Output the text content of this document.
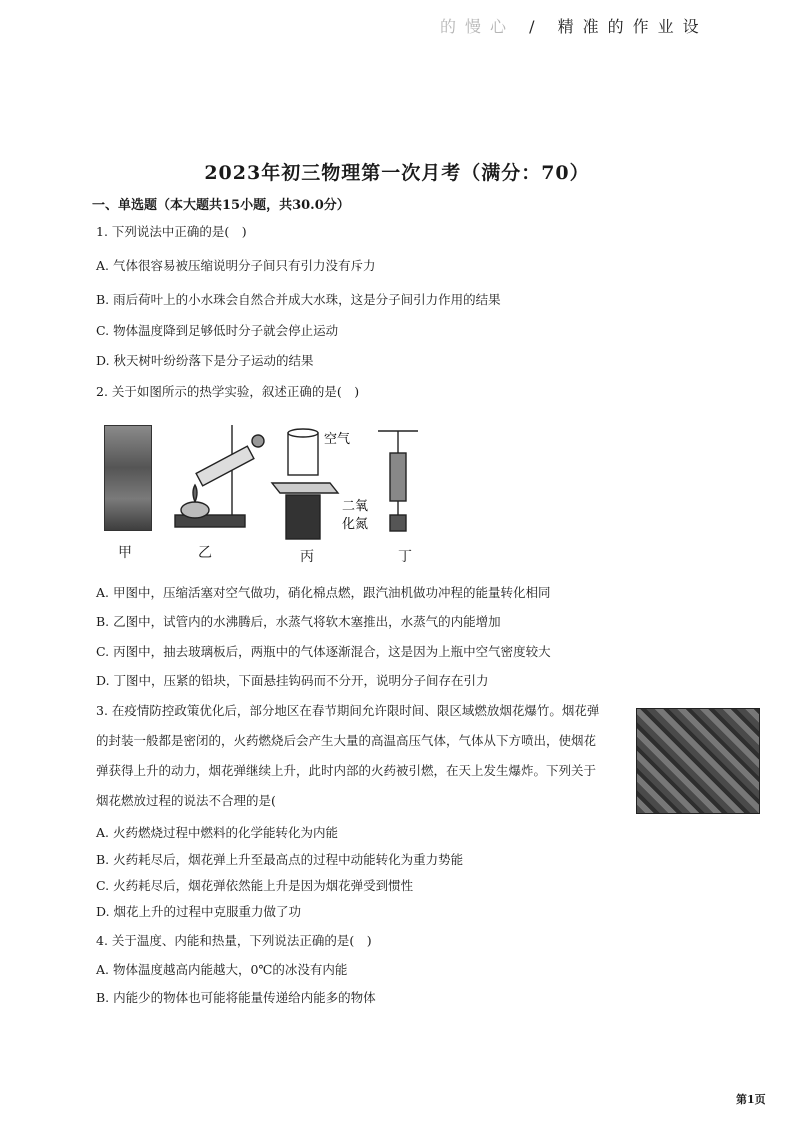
　　的慢心 / 精准的作业设
2023年初三物理第一次月考（满分：70）
一、单选题（本大题共15小题，共30.0分）
1. 下列说法中正确的是(　)
A. 气体很容易被压缩说明分子间只有引力没有斥力
B. 雨后荷叶上的小水珠会自然合并成大水珠，这是分子间引力作用的结果
C. 物体温度降到足够低时分子就会停止运动
D. 秋天树叶纷纷落下是分子运动的结果
2. 关于如图所示的热学实验，叙述正确的是(　)
空气
二氧
化氮
甲	乙	丙	丁
A. 甲图中，压缩活塞对空气做功，硝化棉点燃，跟汽油机做功冲程的能量转化相同
B. 乙图中，试管内的水沸腾后，水蒸气将软木塞推出，水蒸气的内能增加
C. 丙图中，抽去玻璃板后，两瓶中的气体逐渐混合，这是因为上瓶中空气密度较大
D. 丁图中，压紧的铅块，下面悬挂钩码而不分开，说明分子间存在引力
3. 在疫情防控政策优化后，部分地区在春节期间允许限时间、限区域燃放烟花爆竹。烟花弹
的封装一般都是密闭的，火药燃烧后会产生大量的高温高压气体，气体从下方喷出，使烟花
弹获得上升的动力，烟花弹继续上升，此时内部的火药被引燃，在天上发生爆炸。下列关于
烟花燃放过程的说法不合理的是(
A. 火药燃烧过程中燃料的化学能转化为内能
B. 火药耗尽后，烟花弹上升至最高点的过程中动能转化为重力势能
C. 火药耗尽后，烟花弹依然能上升是因为烟花弹受到惯性
D. 烟花上升的过程中克服重力做了功
4. 关于温度、内能和热量，下列说法正确的是(　)
A. 物体温度越高内能越大，0℃的冰没有内能
B. 内能少的物体也可能将能量传递给内能多的物体
第1页
